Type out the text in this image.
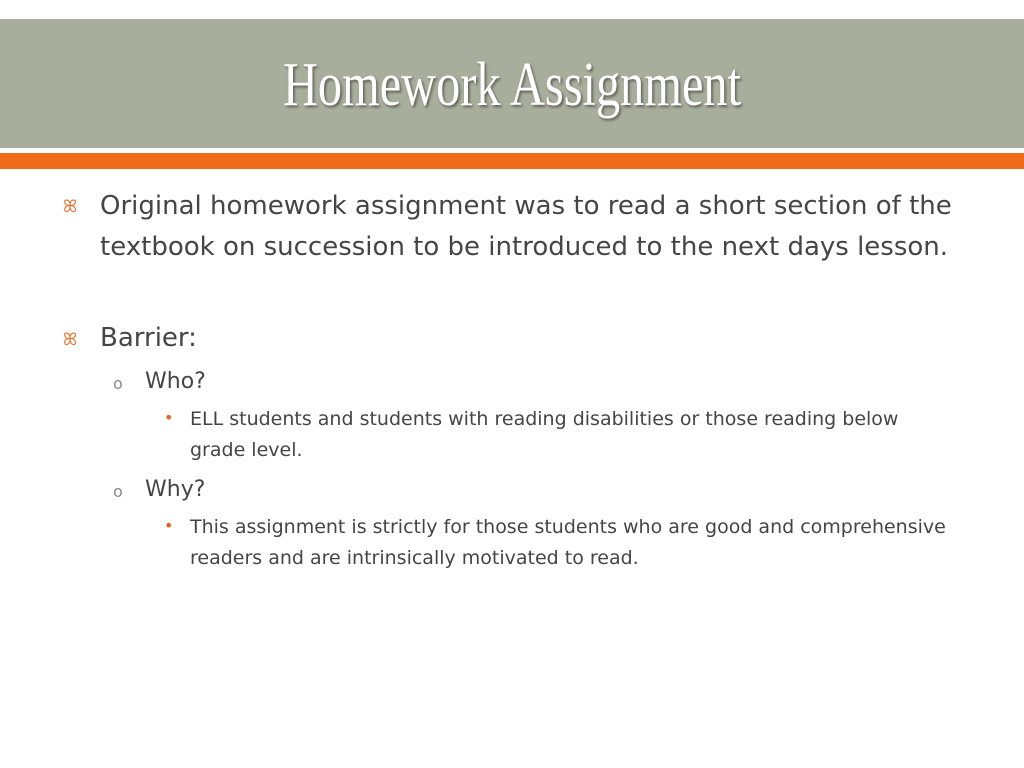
Homework Assignment
ꕤ Original homework assignment was to read a short section of the textbook on succession to be introduced to the next days lesson.
ꕤ Barrier:
o Who?
• ELL students and students with reading disabilities or those reading below grade level.
o Why?
• This assignment is strictly for those students who are good and comprehensive readers and are intrinsically motivated to read.
